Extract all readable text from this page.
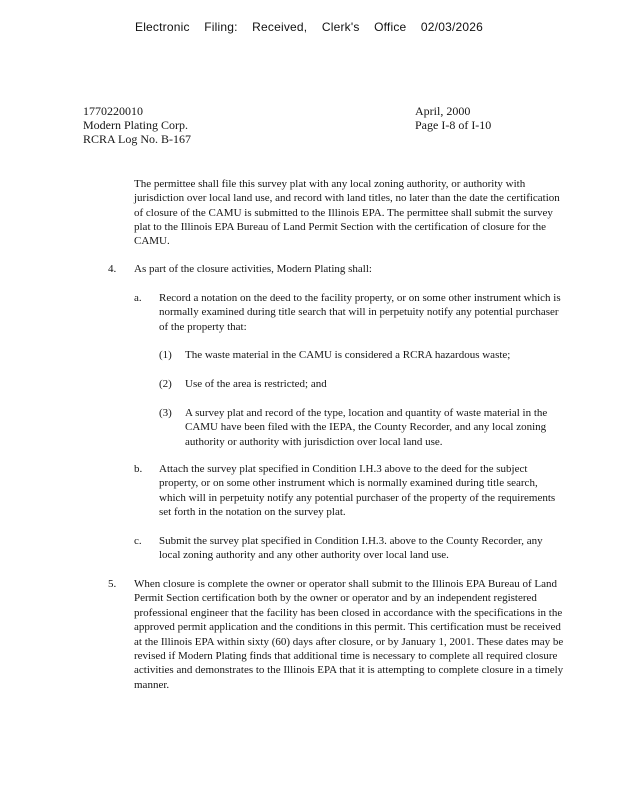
Electronic Filing: Received, Clerk's Office 02/03/2026
1770220010
Modern Plating Corp.
RCRA Log No. B-167
April, 2000
Page I-8 of I-10
The permittee shall file this survey plat with any local zoning authority, or authority with jurisdiction over local land use, and record with land titles, no later than the date the certification of closure of the CAMU is submitted to the Illinois EPA. The permittee shall submit the survey plat to the Illinois EPA Bureau of Land Permit Section with the certification of closure for the CAMU.
4. As part of the closure activities, Modern Plating shall:
a. Record a notation on the deed to the facility property, or on some other instrument which is normally examined during title search that will in perpetuity notify any potential purchaser of the property that:
(1) The waste material in the CAMU is considered a RCRA hazardous waste;
(2) Use of the area is restricted; and
(3) A survey plat and record of the type, location and quantity of waste material in the CAMU have been filed with the IEPA, the County Recorder, and any local zoning authority or authority with jurisdiction over local land use.
b. Attach the survey plat specified in Condition I.H.3 above to the deed for the subject property, or on some other instrument which is normally examined during title search, which will in perpetuity notify any potential purchaser of the property of the requirements set forth in the notation on the survey plat.
c. Submit the survey plat specified in Condition I.H.3. above to the County Recorder, any local zoning authority and any other authority over local land use.
5. When closure is complete the owner or operator shall submit to the Illinois EPA Bureau of Land Permit Section certification both by the owner or operator and by an independent registered professional engineer that the facility has been closed in accordance with the specifications in the approved permit application and the conditions in this permit. This certification must be received at the Illinois EPA within sixty (60) days after closure, or by January 1, 2001. These dates may be revised if Modern Plating finds that additional time is necessary to complete all required closure activities and demonstrates to the Illinois EPA that it is attempting to complete closure in a timely manner.
